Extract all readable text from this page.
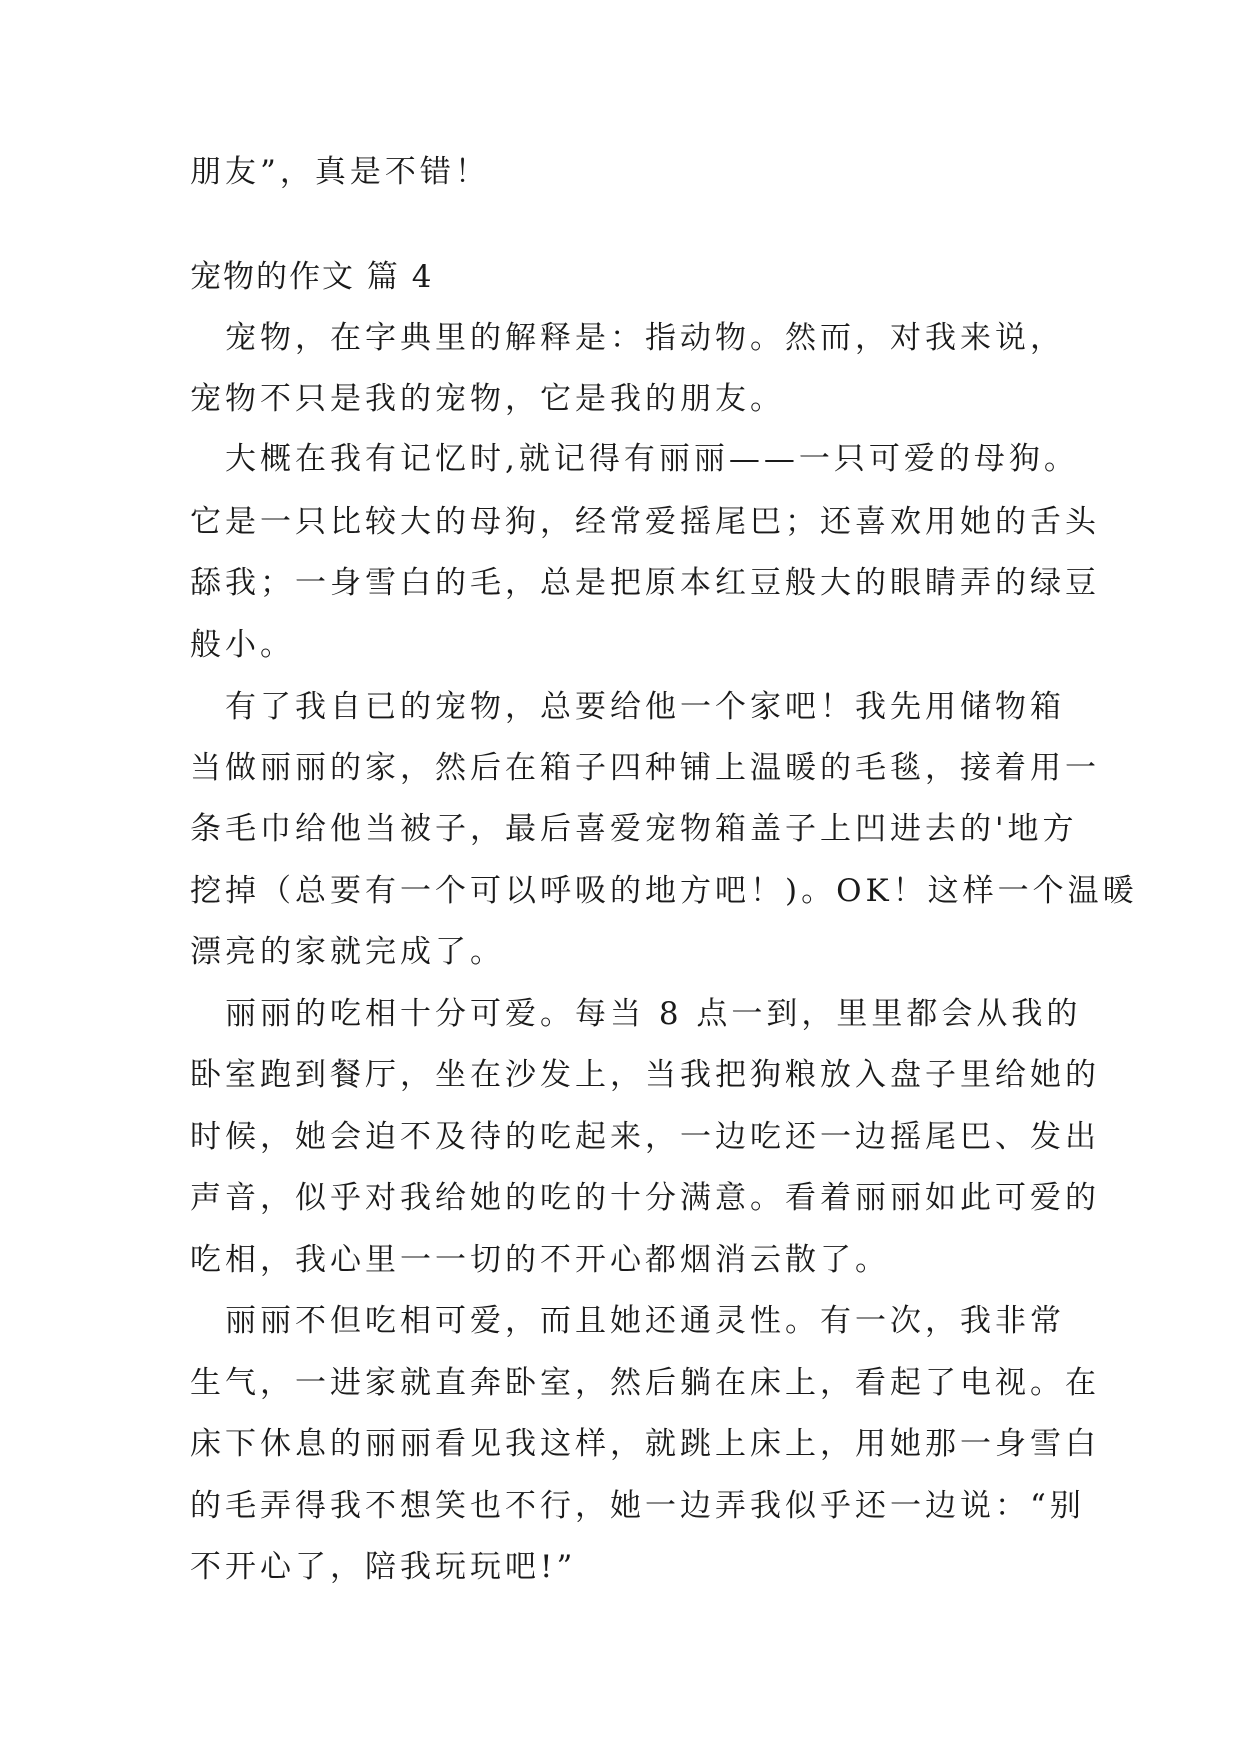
朋友”，真是不错！
宠物的作文 篇 4
　宠物，在字典里的解释是：指动物。然而，对我来说，
宠物不只是我的宠物，它是我的朋友。
　大概在我有记忆时,就记得有丽丽——一只可爱的母狗。
它是一只比较大的母狗，经常爱摇尾巴；还喜欢用她的舌头
舔我；一身雪白的毛，总是把原本红豆般大的眼睛弄的绿豆
般小。
　有了我自已的宠物，总要给他一个家吧！我先用储物箱
当做丽丽的家，然后在箱子四种铺上温暖的毛毯，接着用一
条毛巾给他当被子，最后喜爱宠物箱盖子上凹进去的'地方
挖掉（总要有一个可以呼吸的地方吧！)。OK！这样一个温暖
漂亮的家就完成了。
　丽丽的吃相十分可爱。每当 8 点一到，里里都会从我的
卧室跑到餐厅，坐在沙发上，当我把狗粮放入盘子里给她的
时候，她会迫不及待的吃起来，一边吃还一边摇尾巴、发出
声音，似乎对我给她的吃的十分满意。看着丽丽如此可爱的
吃相，我心里一一切的不开心都烟消云散了。
　丽丽不但吃相可爱，而且她还通灵性。有一次，我非常
生气，一进家就直奔卧室，然后躺在床上，看起了电视。在
床下休息的丽丽看见我这样，就跳上床上，用她那一身雪白
的毛弄得我不想笑也不行，她一边弄我似乎还一边说：“别
不开心了，陪我玩玩吧!”
